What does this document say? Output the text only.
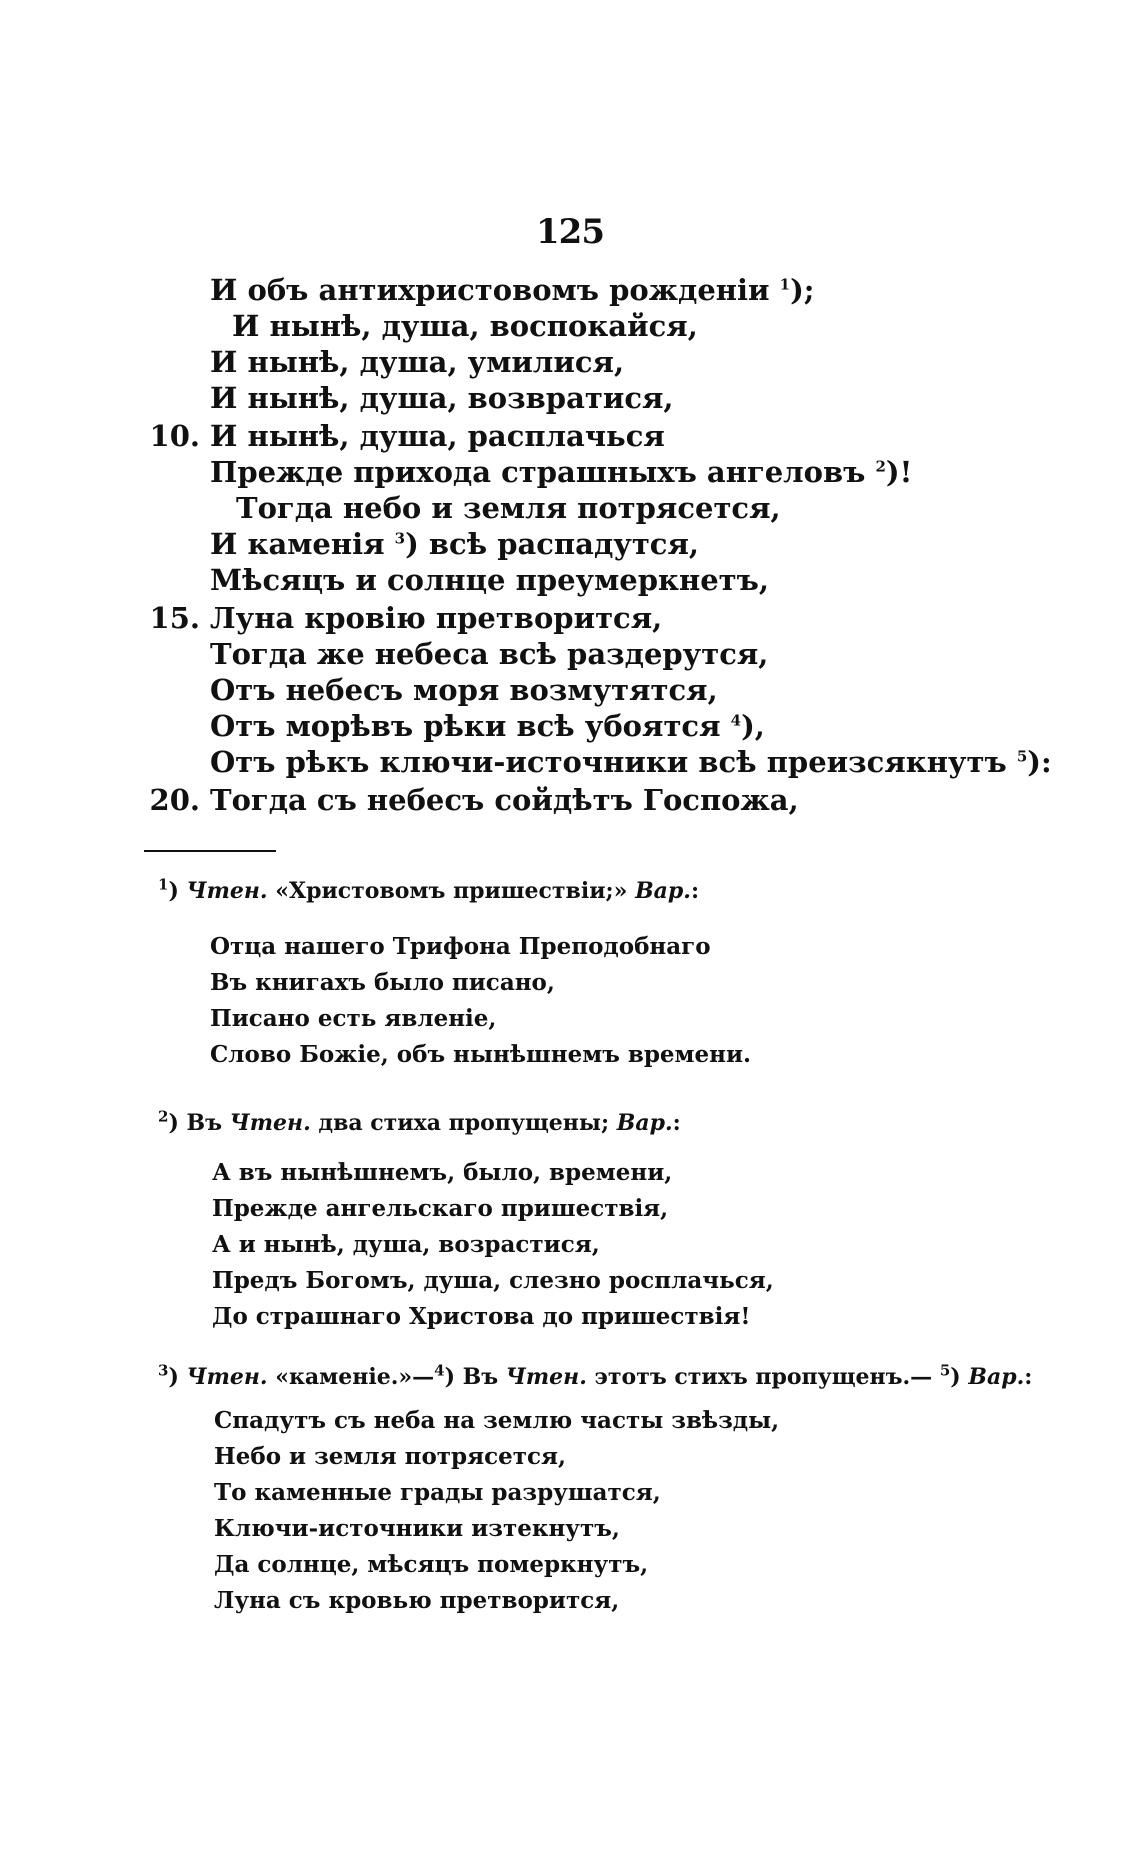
125
И объ антихристовомъ рожденіи $^1$);
И нынѣ, душа, воспокайся,
И нынѣ, душа, умилися,
И нынѣ, душа, возвратися,
10. И нынѣ, душа, расплачься
Прежде прихода страшныхъ ангеловъ $^2$)!
Тогда небо и земля потрясется,
И каменія $^3$) всѣ распадутся,
Мѣсяцъ и солнце преумеркнетъ,
15. Луна кровію претворится,
Тогда же небеса всѣ раздерутся,
Отъ небесъ моря возмутятся,
Отъ морѣвъ рѣки всѣ убоятся $^4$),
Отъ рѣкъ ключи-источники всѣ преизсякнутъ $^5$):
20. Тогда съ небесъ сойдѣтъ Госпожа,
$^1$) Чтен. «Христовомъ пришествіи;» Вар.:
Отца нашего Трифона Преподобнаго
Въ книгахъ было писано,
Писано есть явленіе,
Слово Божіе, объ нынѣшнемъ времени.
$^2$) Въ Чтен. два стиха пропущены; Вар.:
А въ нынѣшнемъ, было, времени,
Прежде ангельскаго пришествія,
А и нынѣ, душа, возрастися,
Предъ Богомъ, душа, слезно росплачься,
До страшнаго Христова до пришествія!
$^3$) Чтен. «каменіе.»—$^4$) Въ Чтен. этотъ стихъ пропущенъ.— $^5$) Вар.:
Спадутъ съ неба на землю часты звѣзды,
Небо и земля потрясется,
То каменные грады разрушатся,
Ключи-источники изтекнутъ,
Да солнце, мѣсяцъ померкнутъ,
Луна съ кровью претворится,
